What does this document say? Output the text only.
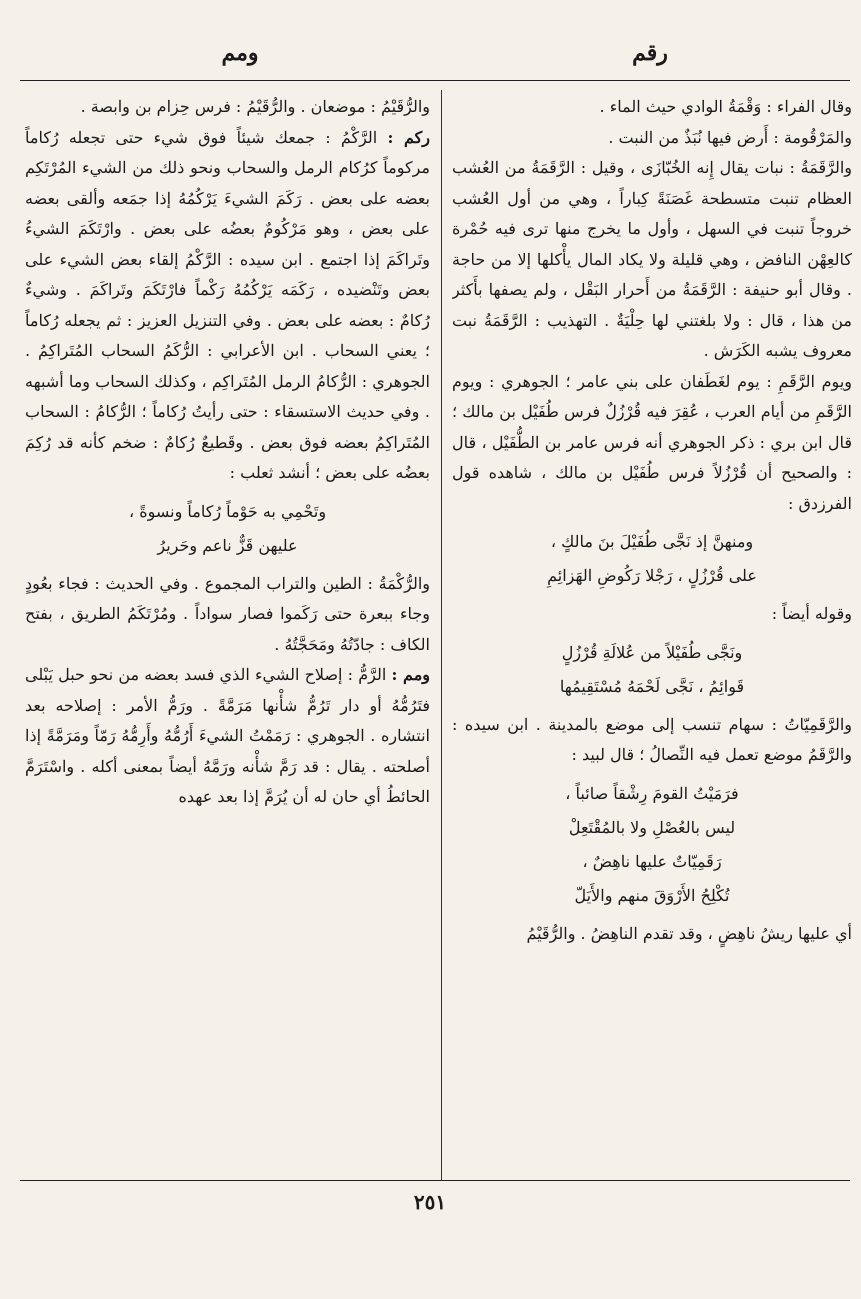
رقم
ومم

وقال الفراء : وَقْمَةُ الوادي حيث الماء .

والمَرْقُومة : أَرض فيها نُبَذٌ من النبت .

والرَّقَمَةُ : نبات يقال إِنه الخُبّازَى ، وقيل : الرَّقَمَةُ من العُشب العظام تنبت متسطحة غَصَنَةً كِباراً ، وهي من أول العُشب خروجاً تنبت في السهل ، وأول ما يخرج منها ترى فيه حُمْرة كالعِهْن النافض ، وهي قليلة ولا يكاد المال يأْكلها إلا من حاجة . وقال أبو حنيفة : الرَّقَمَةُ من أَحرار البَقْل ، ولم يصفها بأَكثر من هذا ، قال : ولا بلغتني لها حِلْيَةٌ . التهذيب : الرَّقَمَةُ نبت معروف يشبه الكَرَش .

ويوم الرَّقَمِ : يوم لغَطَفان على بني عامر ؛ الجوهري : ويوم الرَّقَمِ من أيام العرب ، عُقِرَ فيه قُرْزُلٌ فرس طُفَيْل بن مالك ؛ قال ابن بري : ذكر الجوهري أنه فرس عامر بن الطُّفَيْل ، قال : والصحيح أن قُرْزُلاً فرس طُفَيْل بن مالك ، شاهده قول الفرزدق :

ومنهنَّ إذ نَجَّى طُفَيْلَ بنَ مالكٍ ،
على قُرْزُلٍ ، رَجْلا رَكُوضِ الهَزائِمِ

وقوله أيضاً :

ونَجَّى طُفَيْلاً من عُلالَةِ قُرْزُلٍ
قَوائِمُ ، نَجَّى لَحْمَهُ مُسْتَقِيمُها

والرَّقَمِيّاتُ : سهام تنسب إلى موضع بالمدينة . ابن سيده : والرَّقَمُ موضع تعمل فيه النِّصالُ ؛ قال لبيد :

فرَمَيْتُ القومَ رِشْقاً صائباً ،
ليس بالعُصْلِ ولا بالمُقْتَعِلْ
رَقَمِيّاتٌ عليها ناهِضٌ ،
تُكْلِحُ الأَرْوَقَ منهم والأَيَلّ

أي عليها ريشُ ناهِضٍ ، وقد تقدم الناهِضُ . والرُّقَيْمُ

والرُّقَيْمُ : موضعان . والرُّقَيْمُ : فرس حِزام بن وابصة .

ركم : الرَّكْمُ : جمعك شيئاً فوق شيء حتى تجعله رُكاماً مركوماً كرُكام الرمل والسحاب ونحو ذلك من الشيء المُرْتَكِم بعضه على بعض . رَكَمَ الشيءَ يَرْكُمُهُ إذا جمَعه وألقى بعضه على بعض ، وهو مَرْكُومٌ بعضُه على بعض . وارْتَكَمَ الشيءُ وتَراكَمَ إذا اجتمع . ابن سيده : الرَّكْمُ إلقاء بعض الشيء على بعض وتَنْضيده ، رَكَمَه يَرْكُمُهُ رَكْماً فارْتَكَمَ وتَراكَمَ . وشيءٌ رُكامٌ : بعضه على بعض . وفي التنزيل العزيز : ثم يجعله رُكاماً ؛ يعني السحاب . ابن الأعرابي : الرُّكَمُ السحاب المُتَراكِمُ . الجوهري : الرُّكامُ الرمل المُتَراكِم ، وكذلك السحاب وما أشبهه . وفي حديث الاستسقاء : حتى رأيتُ رُكاماً ؛ الرُّكامُ : السحاب المُتَراكِمُ بعضه فوق بعض . وقَطيعٌ رُكامٌ : ضخم كأنه قد رُكِمَ بعضُه على بعض ؛ أنشد ثعلب :

وتَحْمِي به حَوْماً رُكاماً ونسوةً ،
عليهن قَزٌّ ناعم وحَريرُ

والرُّكْمَةُ : الطين والتراب المجموع . وفي الحديث : فجاء بعُودٍ وجاء ببعرة حتى رَكَموا فصار سواداً . ومُرْتَكَمُ الطريق ، بفتح الكاف : جادّتُهُ ومَحَجَّتُهُ .

ومم : الرَّمُّ : إصلاح الشيء الذي فسد بعضه من نحو حبل يَبْلى فتَرُمُّهُ أو دار تَرُمُّ شأْنها مَرَمَّةً . ورَمُّ الأمر : إصلاحه بعد انتشاره . الجوهري : رَمَمْتُ الشيءَ أَرُمُّهُ وأَرِمُّهُ رَمّاً ومَرَمَّةً إذا أصلحته . يقال : قد رَمَّ شأْنه ورَمَّهُ أيضاً بمعنى أكله . واسْتَرَمَّ الحائطُ أي حان له أن يُرَمَّ إذا بعد عهده

٢٥١
